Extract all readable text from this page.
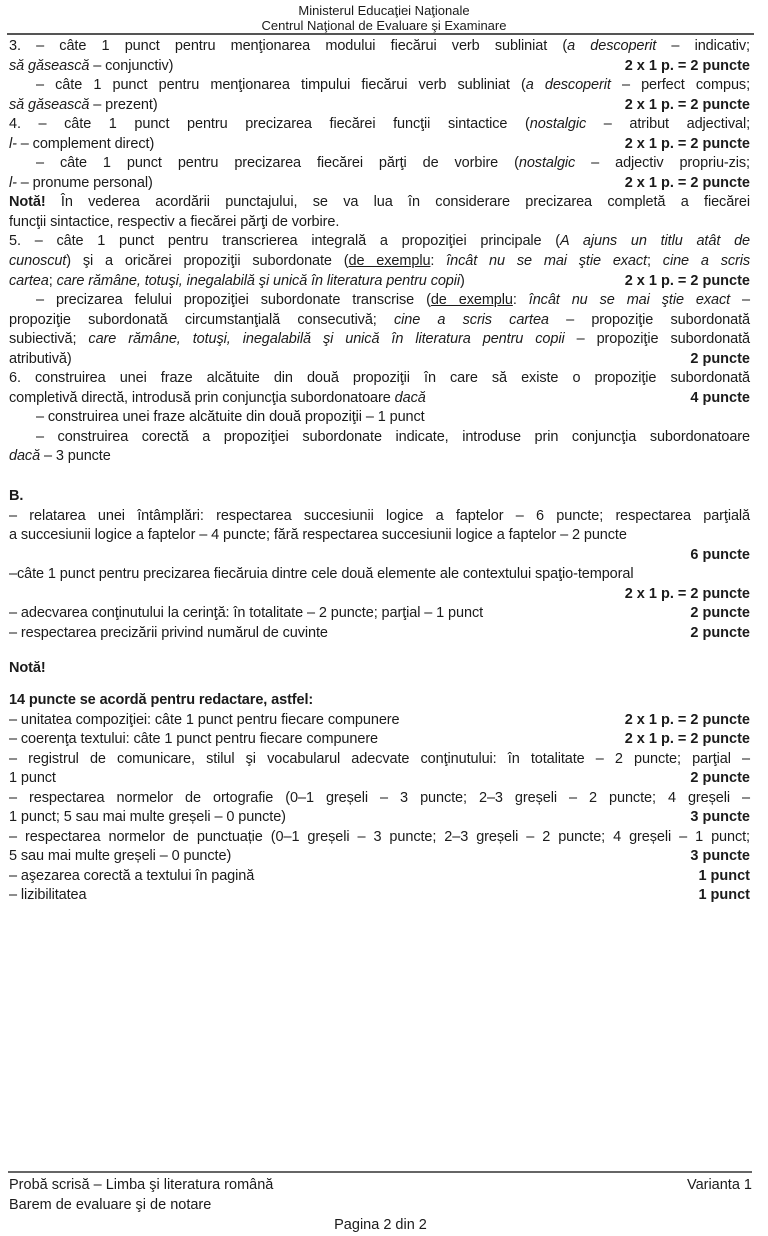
Ministerul Educaţiei Naţionale
Centrul Naţional de Evaluare şi Examinare
3. – câte 1 punct pentru menţionarea modului fiecărui verb subliniat (a descoperit – indicativ;
2 x 1 p. = 2 puncte
să găsească – conjunctiv)
– câte 1 punct pentru menţionarea timpului fiecărui verb subliniat (a descoperit – perfect compus;
2 x 1 p. = 2 puncte
să găsească – prezent)
4. – câte 1 punct pentru precizarea fiecărei funcţii sintactice (nostalgic – atribut adjectival;
2 x 1 p. = 2 puncte
l- – complement direct)
– câte 1 punct pentru precizarea fiecărei părţi de vorbire (nostalgic – adjectiv propriu-zis;
2 x 1 p. = 2 puncte
l- – pronume personal)
Notă! În vederea acordării punctajului, se va lua în considerare precizarea completă a fiecărei
funcţii sintactice, respectiv a fiecărei părţi de vorbire.
5. – câte 1 punct pentru transcrierea integrală a propoziţiei principale (A ajuns un titlu atât de
cunoscut) şi a oricărei propoziţii subordonate (de exemplu: încât nu se mai ştie exact; cine a scris
2 x 1 p. = 2 puncte
cartea; care rămâne, totuşi, inegalabilă şi unică în literatura pentru copii)
– precizarea felului propoziţiei subordonate transcrise (de exemplu: încât nu se mai ştie exact –
propoziţie subordonată circumstanţială consecutivă; cine a scris cartea – propoziţie subordonată
subiectivă; care rămâne, totuşi, inegalabilă şi unică în literatura pentru copii – propoziţie subordonată
2 puncte
atributivă)
6. construirea unei fraze alcătuite din două propoziţii în care să existe o propoziţie subordonată
4 puncte
completivă directă, introdusă prin conjuncţia subordonatoare dacă
– construirea unei fraze alcătuite din două propoziţii – 1 punct
– construirea corectă a propoziţiei subordonate indicate, introduse prin conjuncţia subordonatoare
dacă – 3 puncte
B.
– relatarea unei întâmplări: respectarea succesiunii logice a faptelor – 6 puncte; respectarea parţială
a succesiunii logice a faptelor – 4 puncte; fără respectarea succesiunii logice a faptelor – 2 puncte
6 puncte
–câte 1 punct pentru precizarea fiecăruia dintre cele două elemente ale contextului spaţio-temporal
2 x 1 p. = 2 puncte
2 puncte
– adecvarea conţinutului la cerinţă: în totalitate – 2 puncte; parţial – 1 punct
2 puncte
– respectarea precizării privind numărul de cuvinte
Notă!
14 puncte se acordă pentru redactare, astfel:
2 x 1 p. = 2 puncte
– unitatea compoziţiei: câte 1 punct pentru fiecare compunere
2 x 1 p. = 2 puncte
– coerenţa textului: câte 1 punct pentru fiecare compunere
– registrul de comunicare, stilul şi vocabularul adecvate conţinutului: în totalitate – 2 puncte; parţial –
2 puncte
1 punct
– respectarea normelor de ortografie (0–1 greșeli – 3 puncte; 2–3 greșeli – 2 puncte; 4 greșeli –
3 puncte
1 punct; 5 sau mai multe greșeli – 0 puncte)
– respectarea normelor de punctuație (0–1 greșeli – 3 puncte; 2–3 greșeli – 2 puncte; 4 greșeli – 1 punct;
3 puncte
5 sau mai multe greșeli – 0 puncte)
1 punct
– aşezarea corectă a textului în pagină
1 punct
– lizibilitatea
Probă scrisă – Limba şi literatura română	Varianta 1
Barem de evaluare şi de notare
Pagina 2 din 2
